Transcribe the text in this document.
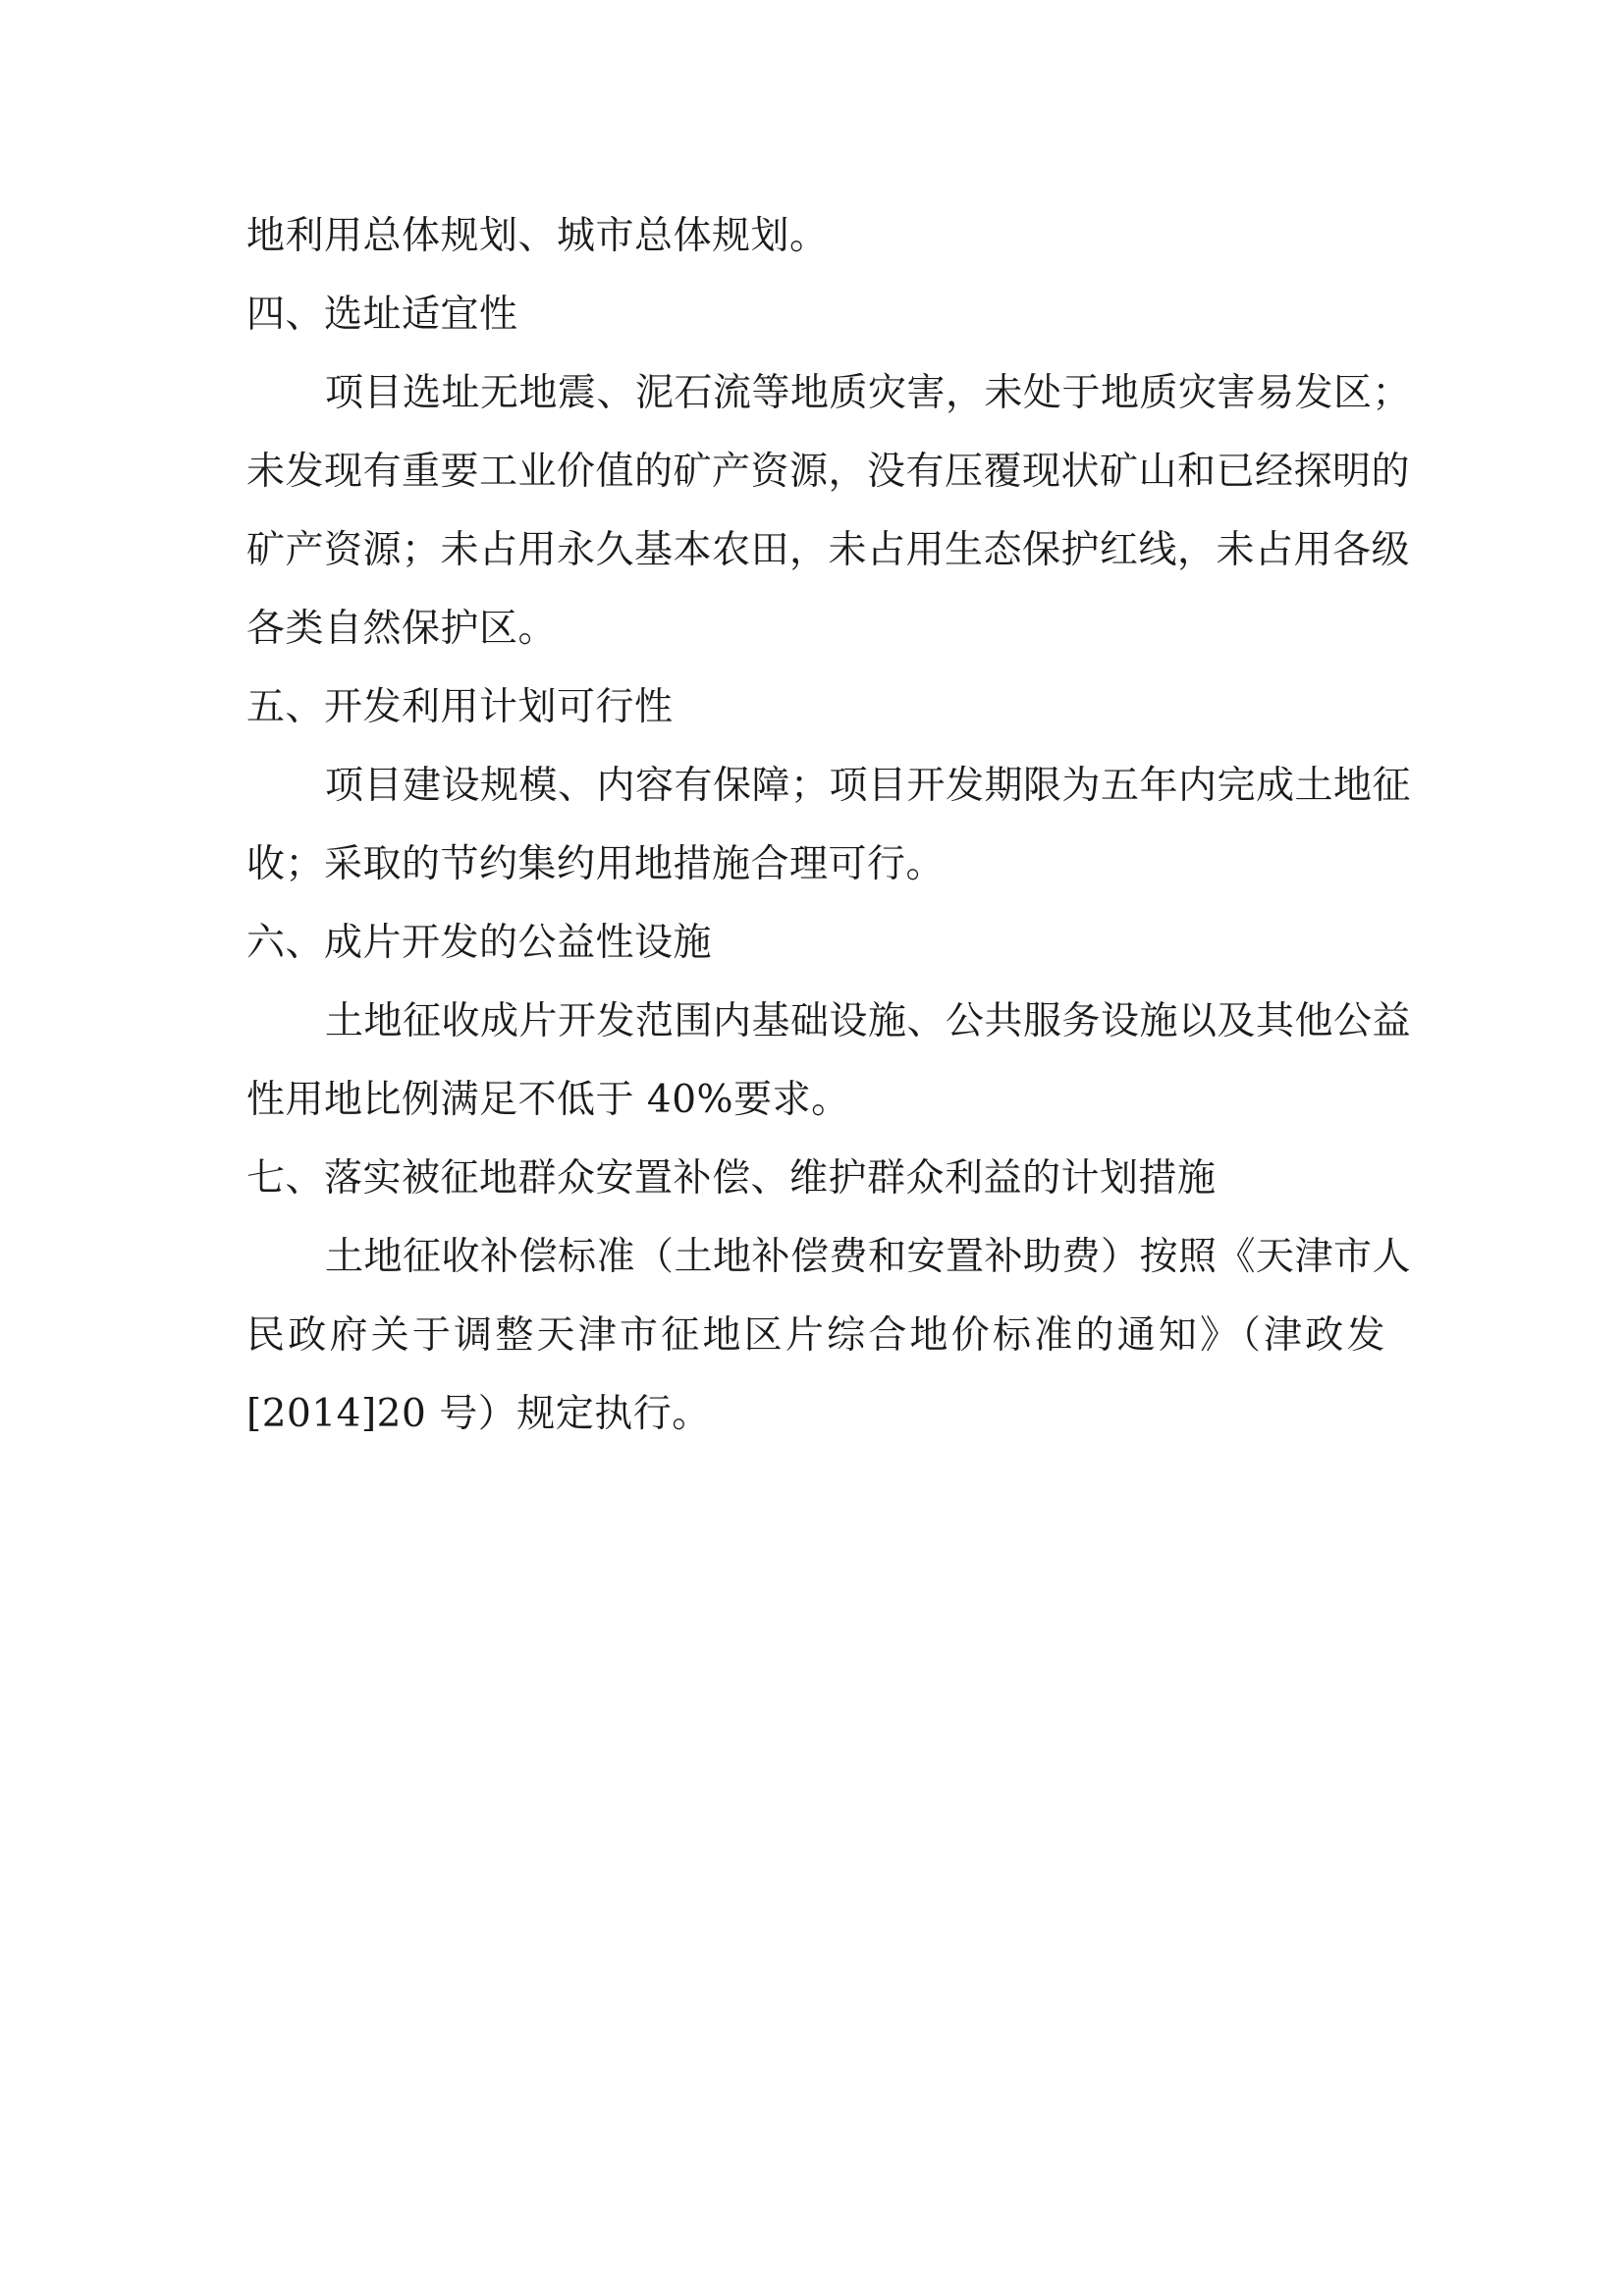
地利用总体规划、城市总体规划。
四、选址适宜性
项目选址无地震、泥石流等地质灾害，未处于地质灾害易发区；
未发现有重要工业价值的矿产资源，没有压覆现状矿山和已经探明的
矿产资源；未占用永久基本农田，未占用生态保护红线，未占用各级
各类自然保护区。
五、开发利用计划可行性
项目建设规模、内容有保障；项目开发期限为五年内完成土地征
收；采取的节约集约用地措施合理可行。
六、成片开发的公益性设施
土地征收成片开发范围内基础设施、公共服务设施以及其他公益
性用地比例满足不低于 40%要求。
七、落实被征地群众安置补偿、维护群众利益的计划措施
土地征收补偿标准（土地补偿费和安置补助费）按照《天津市人
民政府关于调整天津市征地区片综合地价标准的通知》（津政发
[2014]20 号）规定执行。
